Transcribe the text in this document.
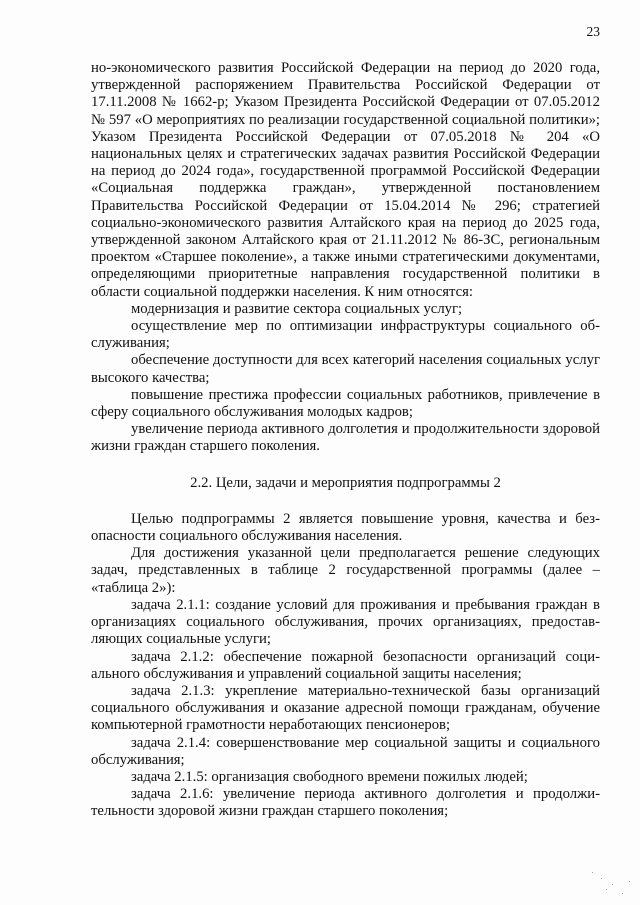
23

но-экономического развития Российской Федерации на период до 2020 года, утвержденной распоряжением Правительства Российской Федерации от 17.11.2008 № 1662-р; Указом Президента Российской Федерации от 07.05.2012 № 597 «О мероприятиях по реализации государственной социальной политики»; Указом Президента Российской Федерации от 07.05.2018 № 204 «О национальных целях и стратегических задачах развития Российской Федерации на период до 2024 года», государственной программой Российской Федерации «Социальная поддержка граждан», утвержденной постановлением Правительства Российской Федерации от 15.04.2014 № 296; стратегией социально-экономического развития Алтайского края на период до 2025 года, утвержденной законом Алтайского края от 21.11.2012 № 86-ЗС, региональным проектом «Старшее поколение», а также иными стратегическими документами, определяющими приоритетные направления государственной политики в области социальной поддержки населения. К ним относятся:

модернизация и развитие сектора социальных услуг;

осуществление мер по оптимизации инфраструктуры социального обслуживания;

обеспечение доступности для всех категорий населения социальных услуг высокого качества;

повышение престижа профессии социальных работников, привлечение в сферу социального обслуживания молодых кадров;

увеличение периода активного долголетия и продолжительности здоровой жизни граждан старшего поколения.

2.2. Цели, задачи и мероприятия подпрограммы 2

Целью подпрограммы 2 является повышение уровня, качества и безопасности социального обслуживания населения.

Для достижения указанной цели предполагается решение следующих задач, представленных в таблице 2 государственной программы (далее – «таблица 2»):

задача 2.1.1: создание условий для проживания и пребывания граждан в организациях социального обслуживания, прочих организациях, предоставляющих социальные услуги;

задача 2.1.2: обеспечение пожарной безопасности организаций социального обслуживания и управлений социальной защиты населения;

задача 2.1.3: укрепление материально-технической базы организаций социального обслуживания и оказание адресной помощи гражданам, обучение компьютерной грамотности неработающих пенсионеров;

задача 2.1.4: совершенствование мер социальной защиты и социального обслуживания;

задача 2.1.5: организация свободного времени пожилых людей;

задача 2.1.6: увеличение периода активного долголетия и продолжительности здоровой жизни граждан старшего поколения;
